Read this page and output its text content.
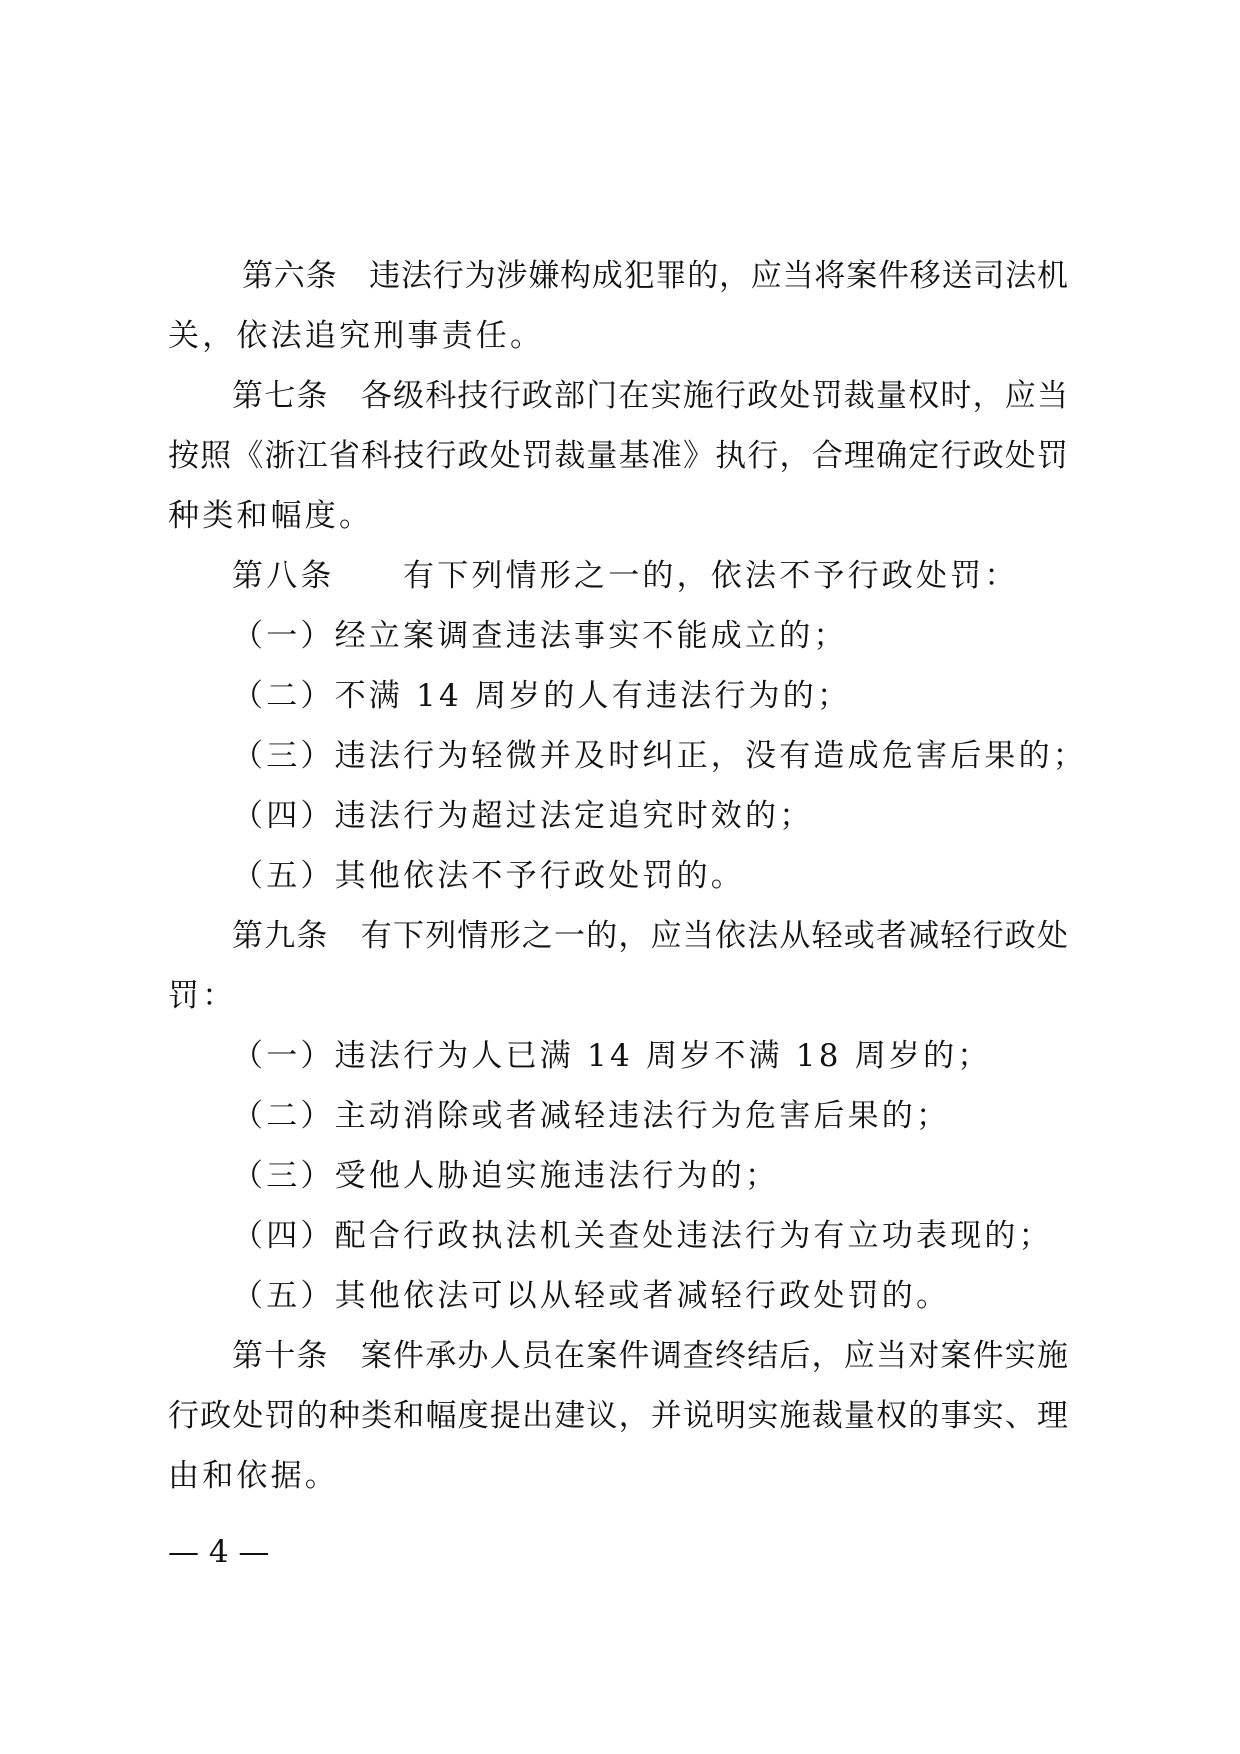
第六条　违法行为涉嫌构成犯罪的，应当将案件移送司法机
关，依法追究刑事责任。
第七条　各级科技行政部门在实施行政处罚裁量权时，应当
按照《浙江省科技行政处罚裁量基准》执行，合理确定行政处罚
种类和幅度。
第八条　　有下列情形之一的，依法不予行政处罚：
（一）经立案调查违法事实不能成立的；
（二）不满 14 周岁的人有违法行为的；
（三）违法行为轻微并及时纠正，没有造成危害后果的；
（四）违法行为超过法定追究时效的；
（五）其他依法不予行政处罚的。
第九条　有下列情形之一的，应当依法从轻或者减轻行政处
罚：
（一）违法行为人已满 14 周岁不满 18 周岁的；
（二）主动消除或者减轻违法行为危害后果的；
（三）受他人胁迫实施违法行为的；
（四）配合行政执法机关查处违法行为有立功表现的；
（五）其他依法可以从轻或者减轻行政处罚的。
第十条　案件承办人员在案件调查终结后，应当对案件实施
行政处罚的种类和幅度提出建议，并说明实施裁量权的事实、理
由和依据。
— 4 —
